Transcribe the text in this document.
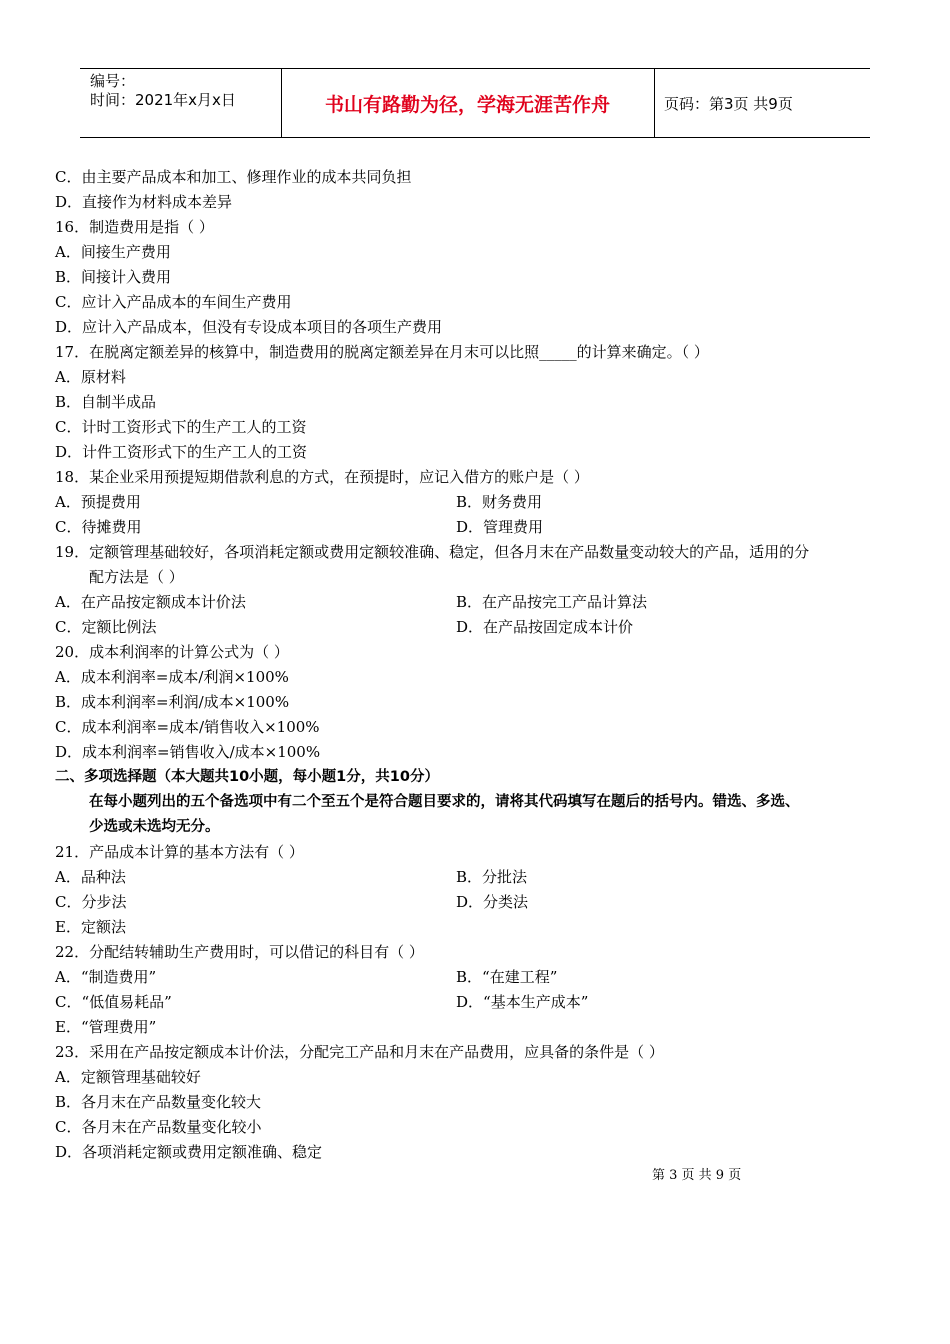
编号：
时间：2021年x月x日	书山有路勤为径，学海无涯苦作舟	页码：第3页 共9页
C．由主要产品成本和加工、修理作业的成本共同负担
D．直接作为材料成本差异
16．制造费用是指（ ）
A．间接生产费用
B．间接计入费用
C．应计入产品成本的车间生产费用
D．应计入产品成本，但没有专设成本项目的各项生产费用
17．在脱离定额差异的核算中，制造费用的脱离定额差异在月末可以比照_____的计算来确定。（ ）
A．原材料
B．自制半成品
C．计时工资形式下的生产工人的工资
D．计件工资形式下的生产工人的工资
18．某企业采用预提短期借款利息的方式，在预提时，应记入借方的账户是（ ）
A．预提费用	B．财务费用
C．待摊费用	D．管理费用
19．定额管理基础较好，各项消耗定额或费用定额较准确、稳定，但各月末在产品数量变动较大的产品，适用的分
配方法是（ ）
A．在产品按定额成本计价法	B．在产品按完工产品计算法
C．定额比例法	D．在产品按固定成本计价
20．成本利润率的计算公式为（ ）
A．成本利润率=成本/利润×100%
B．成本利润率=利润/成本×100%
C．成本利润率=成本/销售收入×100%
D．成本利润率=销售收入/成本×100%
二、多项选择题（本大题共10小题，每小题1分，共10分）
在每小题列出的五个备选项中有二个至五个是符合题目要求的，请将其代码填写在题后的括号内。错选、多选、
少选或未选均无分。
21．产品成本计算的基本方法有（ ）
A．品种法	B．分批法
C．分步法	D．分类法
E．定额法
22．分配结转辅助生产费用时，可以借记的科目有（ ）
A．“制造费用”	B．“在建工程”
C．“低值易耗品”	D．“基本生产成本”
E．“管理费用”
23．采用在产品按定额成本计价法，分配完工产品和月末在产品费用，应具备的条件是（ ）
A．定额管理基础较好
B．各月末在产品数量变化较大
C．各月末在产品数量变化较小
D．各项消耗定额或费用定额准确、稳定
第 3 页 共 9 页
